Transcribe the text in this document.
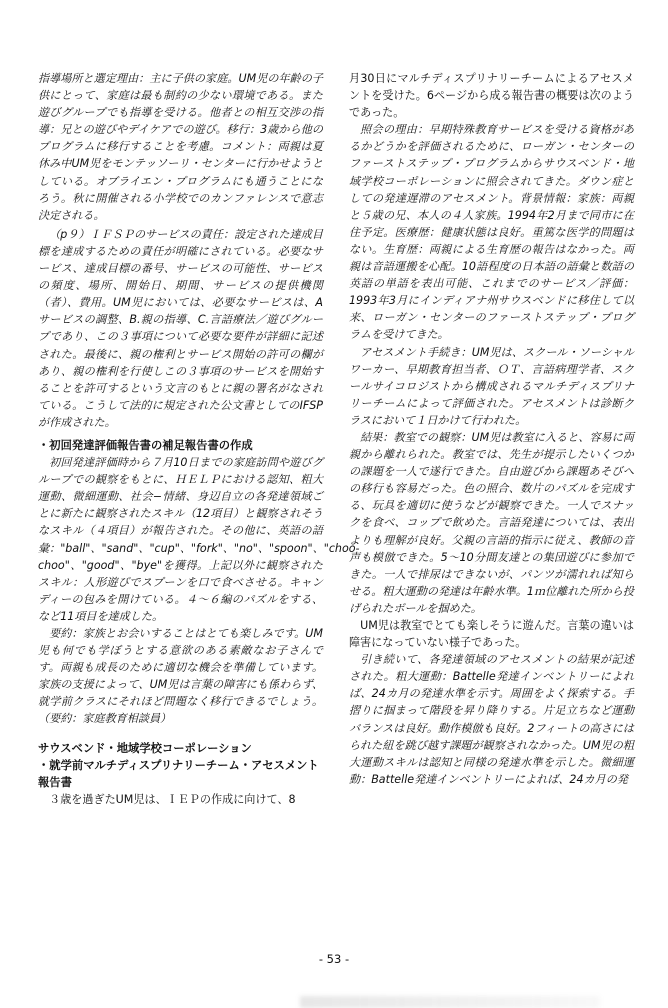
指導場所と選定理由：主に子供の家庭。UM児の年齢の子供にとって、家庭は最も制約の少ない環境である。また遊びグループでも指導を受ける。他者との相互交渉の指導：兄との遊びやデイケアでの遊び。移行：3歳から他のプログラムに移行することを考慮。コメント：両親は夏休み中UM児をモンテッソーリ・センターに行かせようとしている。オブライエン・プログラムにも通うことになろう。秋に開催される小学校でのカンファレンスで意志決定される。

（p９）ＩＦＳＰのサービスの責任：設定された達成目標を達成するための責任が明確にされている。必要なサービス、達成目標の番号、サービスの可能性、サービスの頻度、場所、開始日、期間、サービスの提供機関（者）、費用。UM児においては、必要なサービスは、Aサービスの調整、B.親の指導、C.言語療法／遊びグループであり、この３事項について必要な要件が詳細に記述された。最後に、親の権利とサービス開始の許可の欄があり、親の権利を行使しこの３事項のサービスを開始することを許可するという文言のもとに親の署名がなされている。こうして法的に規定された公文書としてのIFSPが作成された。

・初回発達評価報告書の補足報告書の作成

初回発達評価時から７月10日までの家庭訪問や遊びグループでの観察をもとに、ＨＥＬＰにおける認知、粗大運動、微細運動、社会−情緒、身辺自立の各発達領域ごとに新たに観察されたスキル（12項目）と観察されそうなスキル（４項目）が報告された。その他に、英語の語彙："ball"、"sand"、"cup"、"fork"、"no"、"spoon"、"choo-choo"、"good"、"bye"を獲得。上記以外に観察されたスキル：人形遊びでスプーンを口で食べさせる。キャンディーの包みを開けている。４〜６編のパズルをする、など11項目を達成した。

要約：家族とお会いすることはとても楽しみです。UM児も何でも学ぼうとする意欲のある素敵なお子さんです。両親も成長のために適切な機会を準備しています。家族の支援によって、UM児は言葉の障害にも係わらず、就学前クラスにそれほど問題なく移行できるでしょう。（要約：家庭教育相談員）

サウスベンド・地域学校コーポレーション

・就学前マルチディスプリナリーチーム・アセスメント報告書

３歳を過ぎたUM児は、ＩＥＰの作成に向けて、8

月30日にマルチディスプリナリーチームによるアセスメントを受けた。6ページから成る報告書の概要は次のようであった。

照会の理由：早期特殊教育サービスを受ける資格があるかどうかを評価されるために、ローガン・センターのファーストステップ・プログラムからサウスベンド・地域学校コーポレーションに照会されてきた。ダウン症としての発達遅滞のアセスメント。背景情報：家族：両親と５歳の兄、本人の４人家族。1994年2月まで同市に在住予定。医療歴：健康状態は良好。重篤な医学的問題はない。生育歴：両親による生育歴の報告はなかった。両親は音語運搬を心配。10語程度の日本語の語彙と数語の英語の単語を表出可能、これまでのサービス／評価：1993年3月にインディアナ州サウスベンドに移住して以来、ローガン・センターのファーストステップ・プログラムを受けてきた。

アセスメント手続き：UM児は、スクール・ソーシャルワーカー、早期教育担当者、ＯＴ、言語病理学者、スクールサイコロジストから構成されるマルチディスプリナリーチームによって評価された。アセスメントは診断クラスにおいて１日かけて行われた。

結果：教室での観察：UM児は教室に入ると、容易に両親から離れられた。教室では、先生が提示したいくつかの課題を一人で遂行できた。自由遊びから課題あそびへの移行も容易だった。色の照合、数片のパズルを完成する、玩具を適切に使うなどが観察できた。一人でスナックを食べ、コップで飲めた。言語発達については、表出よりも理解が良好。父親の言語的指示に従え、教師の音声も模倣できた。5〜10分間友達との集団遊びに参加できた。一人で排尿はできないが、パンツが濡れれば知らせる。粗大運動の発達は年齢水準。1ｍ位離れた所から投げられたボールを掴めた。

UM児は教室でとても楽しそうに遊んだ。言葉の違いは障害になっていない様子であった。

引き続いて、各発達領域のアセスメントの結果が記述された。粗大運動：Battelle発達インベントリーによれば、24カ月の発達水準を示す。周囲をよく探索する。手摺りに掴まって階段を昇り降りする。片足立ちなど運動バランスは良好。動作模倣も良好。2フィートの高さにはられた紐を跳び越す課題が観察されなかった。UM児の粗大運動スキルは認知と同様の発達水準を示した。微細運動：Battelle発達インベントリーによれば、24カ月の発

- 53 -
